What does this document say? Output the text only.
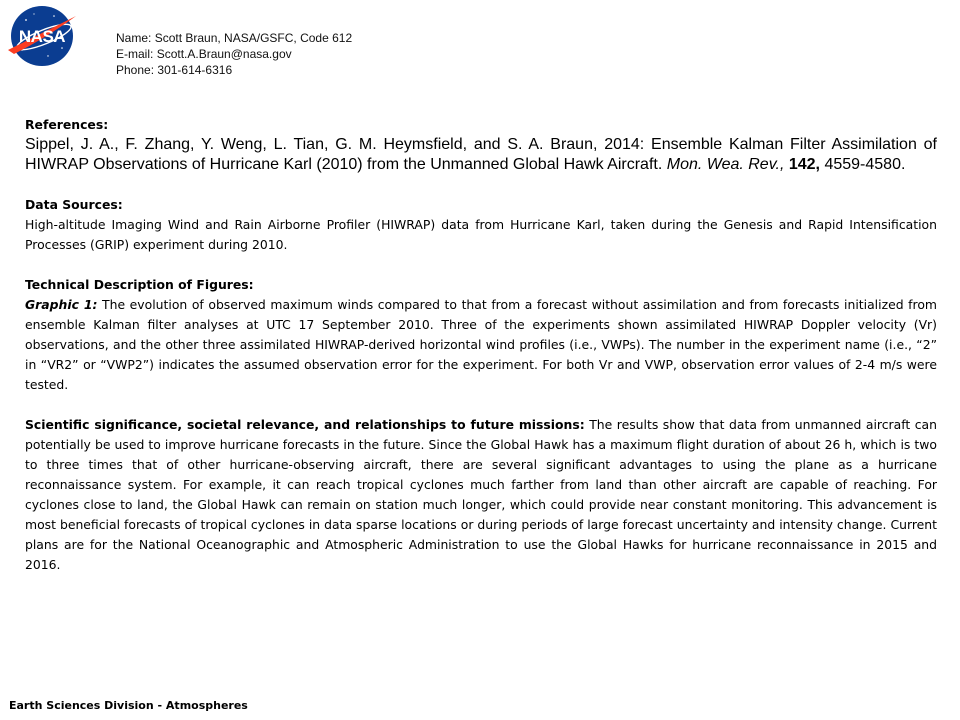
NASA	Name: Scott Braun, NASA/GSFC, Code 612
E-mail: Scott.A.Braun@nasa.gov
Phone: 301-614-6316

References:

Sippel, J. A., F. Zhang, Y. Weng, L. Tian, G. M. Heymsfield, and S. A. Braun, 2014: Ensemble Kalman Filter Assimilation of HIWRAP Observations of Hurricane Karl (2010) from the Unmanned Global Hawk Aircraft. Mon. Wea. Rev., 142, 4559-4580.

Data Sources:

High-altitude Imaging Wind and Rain Airborne Profiler (HIWRAP) data from Hurricane Karl, taken during the Genesis and Rapid Intensification Processes (GRIP) experiment during 2010.

Technical Description of Figures:

Graphic 1: The evolution of observed maximum winds compared to that from a forecast without assimilation and from forecasts initialized from ensemble Kalman filter analyses at UTC 17 September 2010. Three of the experiments shown assimilated HIWRAP Doppler velocity (Vr) observations, and the other three assimilated HIWRAP-derived horizontal wind profiles (i.e., VWPs). The number in the experiment name (i.e., “2” in “VR2” or “VWP2”) indicates the assumed observation error for the experiment. For both Vr and VWP, observation error values of 2-4 m/s were tested.

Scientific significance, societal relevance, and relationships to future missions: The results show that data from unmanned aircraft can potentially be used to improve hurricane forecasts in the future. Since the Global Hawk has a maximum flight duration of about 26 h, which is two to three times that of other hurricane-observing aircraft, there are several significant advantages to using the plane as a hurricane reconnaissance system. For example, it can reach tropical cyclones much farther from land than other aircraft are capable of reaching. For cyclones close to land, the Global Hawk can remain on station much longer, which could provide near constant monitoring. This advancement is most beneficial forecasts of tropical cyclones in data sparse locations or during periods of large forecast uncertainty and intensity change. Current plans are for the National Oceanographic and Atmospheric Administration to use the Global Hawks for hurricane reconnaissance in 2015 and 2016.

Earth Sciences Division - Atmospheres
